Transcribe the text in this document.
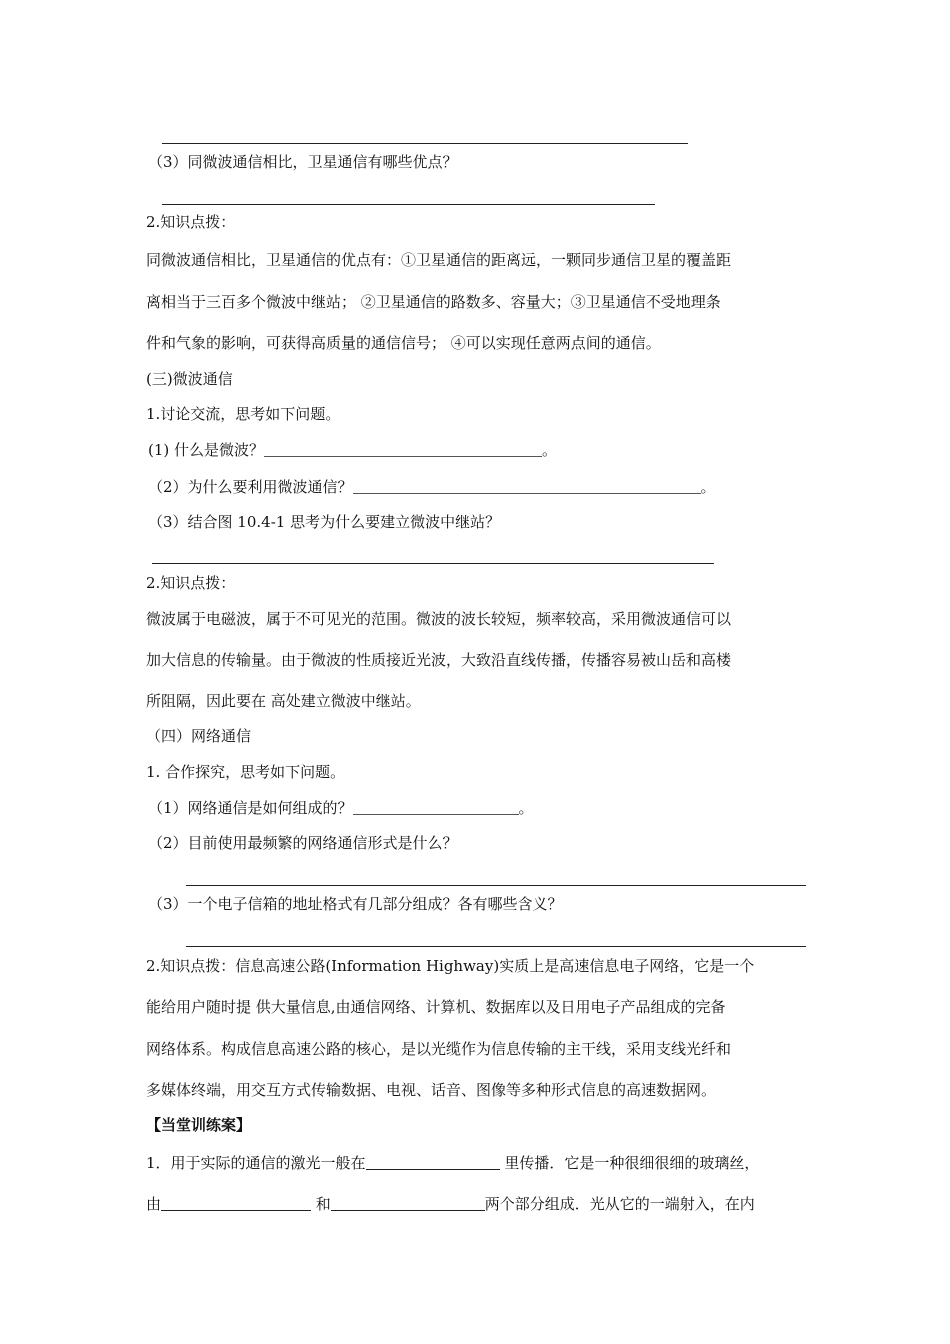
（3）同微波通信相比，卫星通信有哪些优点？
2.知识点拨：
同微波通信相比，卫星通信的优点有：①卫星通信的距离远，一颗同步通信卫星的覆盖距
离相当于三百多个微波中继站； ②卫星通信的路数多、容量大；③卫星通信不受地理条
件和气象的影响，可获得高质量的通信信号； ④可以实现任意两点间的通信。
(三)微波通信
1.讨论交流，思考如下问题。
(1) 什么是微波？	。
（2）为什么要利用微波通信？	。
（3）结合图 10.4-1 思考为什么要建立微波中继站？
2.知识点拨：
微波属于电磁波，属于不可见光的范围。微波的波长较短，频率较高，采用微波通信可以
加大信息的传输量。由于微波的性质接近光波，大致沿直线传播，传播容易被山岳和高楼
所阻隔，因此要在 高处建立微波中继站。
（四）网络通信
1. 合作探究，思考如下问题。
（1）网络通信是如何组成的？	。
（2）目前使用最频繁的网络通信形式是什么？
（3）一个电子信箱的地址格式有几部分组成？各有哪些含义？
2.知识点拨：信息高速公路(Information Highway)实质上是高速信息电子网络，它是一个
能给用户随时提 供大量信息,由通信网络、计算机、数据库以及日用电子产品组成的完备
网络体系。构成信息高速公路的核心，是以光缆作为信息传输的主干线，采用支线光纤和
多媒体终端，用交互方式传输数据、电视、话音、图像等多种形式信息的高速数据网。
【当堂训练案】
1．用于实际的通信的激光一般在	里传播．它是一种很细很细的玻璃丝，
由	和	两个部分组成．光从它的一端射入，在内
